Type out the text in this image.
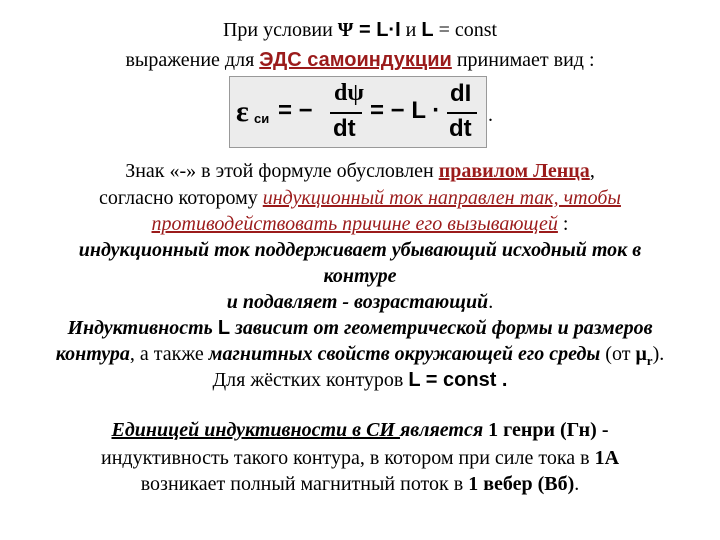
При условии Ψ = L·I и L = const
выражение для ЭДС самоиндукции принимает вид :
ε си = −
dψ
dt
= − L ·
dI
dt .
Знак «-» в этой формуле обусловлен правилом Ленца,
согласно которому индукционный ток направлен так, чтобы
противодействовать причине его вызывающей :
индукционный ток поддерживает убывающий исходный ток в
контуре
и подавляет - возрастающий.
Индуктивность L зависит от геометрической формы и размеров
контура, а также магнитных свойств окружающей его среды (от $\mu_r$).
Для жёстких контуров L = const .
Единицей индуктивности в СИ является 1 генри (Гн) -
индуктивность такого контура, в котором при силе тока в 1А
возникает полный магнитный поток в 1 вебер (Вб).
